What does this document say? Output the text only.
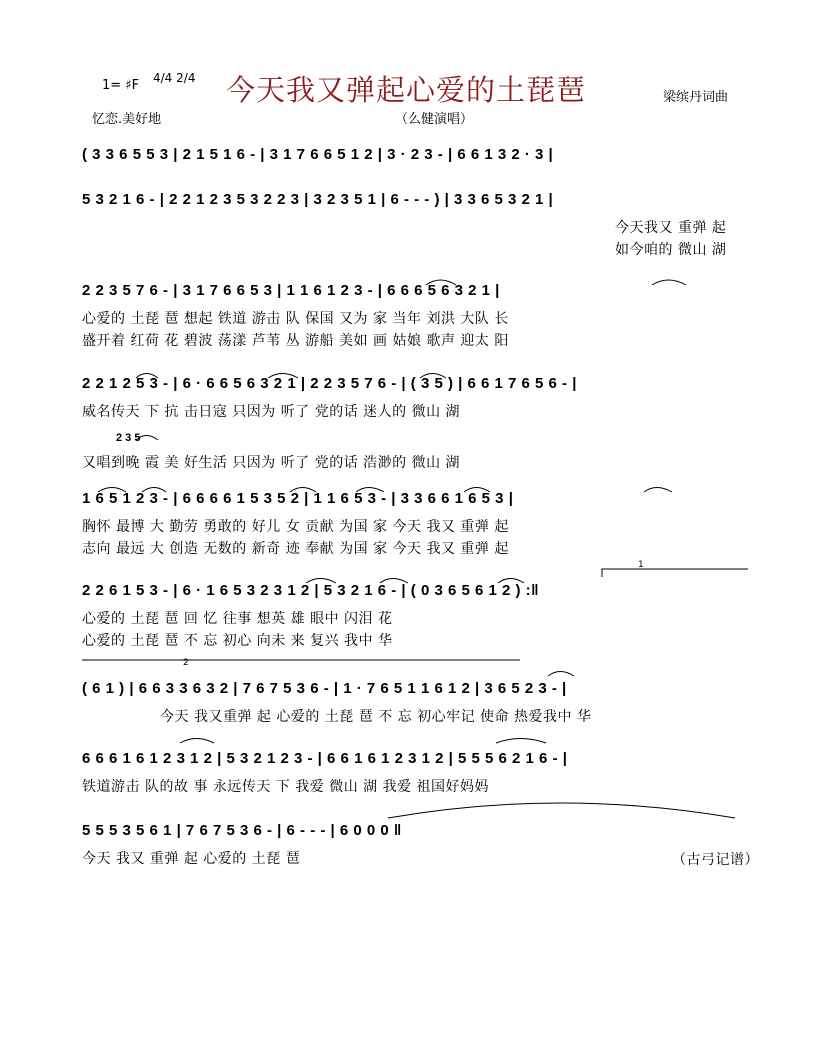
1= ♯F 4/4 2/4 今天我又弹起心爱的土琵琶	梁缤丹词曲
忆恋.美好地	（么健演唱）
( 3 3 6 5 5 3 | 2 1 5 1 6 - | 3 1 7 6 6 5 1 2 | 3 · 2 3 - | 6 6 1 3 2 · 3 |
5 3 2 1 6 - | 2 2 1 2 3 5 3 2 2 3 | 3 2 3 5 1 | 6 - - - ) | 3 3 6 5 3 2 1 |
今天我又 重弹 起
如今咱的 微山 湖
2 2 3 5 7 6 - | 3 1 7 6 6 5 3 | 1 1 6 1 2 3 - | 6 6 6 5 6 3 2 1 |
心爱的 土琵 琶 想起 铁道 游击 队 保国 又为 家 当年 刘洪 大队 长
盛开着 红荷 花 碧波 荡漾 芦苇 丛 游船 美如 画 姑娘 歌声 迎太 阳
2 2 1 2 5 3 - | 6 · 6 6 5 6 3 2 1 | 2 2 3 5 7 6 - | ( 3 5 ) | 6 6 1 7 6 5 6 - |
威名传天 下 抗 击日寇 只因为 听了 党的话 迷人的 微山 湖
又唱到晚 霞 美 好生活 只因为 听了 党的话 浩渺的 微山 湖
1 6 5 1 2 3 - | 6 6 6 6 1 5 3 5 2 | 1 1 6 5 3 - | 3 3 6 6 1 6 5 3 |
胸怀 最博 大 勤劳 勇敢的 好儿 女 贡献 为国 家 今天 我又 重弹 起
志向 最远 大 创造 无数的 新奇 迹 奉献 为国 家 今天 我又 重弹 起
2 2 6 1 5 3 - | 6 · 1 6 5 3 2 3 1 2 | 5 3 2 1 6 - | ( 0 3 6 5 6 1 2 ) :‖
心爱的 土琵 琶 回 忆 往事 想英 雄 眼中 闪泪 花
心爱的 土琵 琶 不 忘 初心 向未 来 复兴 我中 华
( 6 1 ) | 6 6 3 3 6 3 2 | 7 6 7 5 3 6 - | 1 · 7 6 5 1 1 6 1 2 | 3 6 5 2 3 - |
今天 我又重弹 起 心爱的 土琵 琶 不 忘 初心牢记 使命 热爱我中 华
6 6 6 1 6 1 2 3 1 2 | 5 3 2 1 2 3 - | 6 6 1 6 1 2 3 1 2 | 5 5 5 6 2 1 6 - |
铁道游击 队的故 事 永远传天 下 我爱 微山 湖 我爱 祖国好妈妈
5 5 5 3 5 6 1 | 7 6 7 5 3 6 - | 6 - - - | 6 0 0 0 ‖
今天 我又 重弹 起 心爱的 土琵 琶	（古弓记谱）
1
2
2 3 5
